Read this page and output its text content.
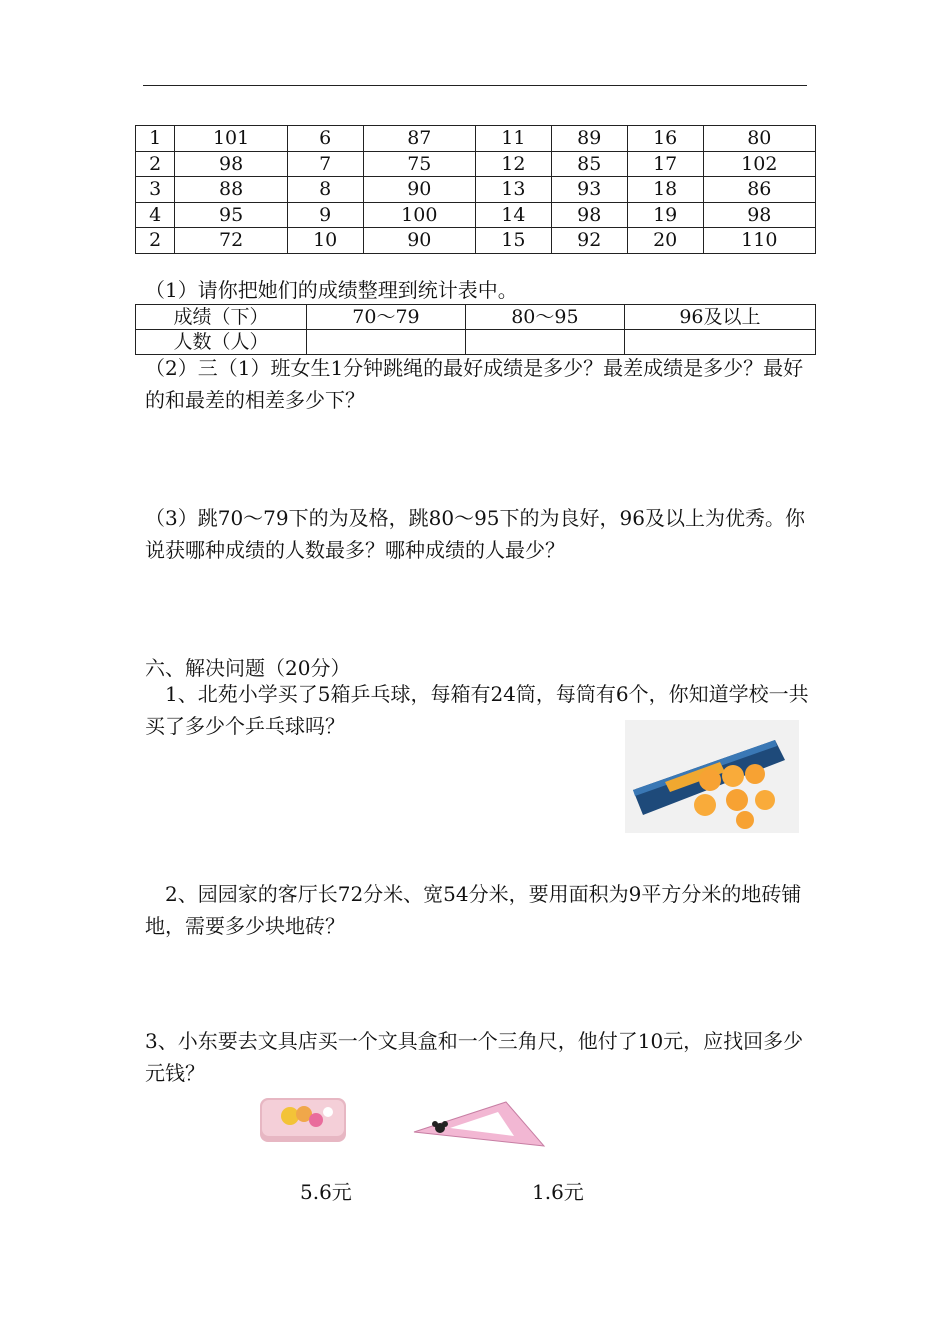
1	101	6	87	11	89	16	80
2	98	7	75	12	85	17	102
3	88	8	90	13	93	18	86
4	95	9	100	14	98	19	98
2	72	10	90	15	92	20	110
（1）请你把她们的成绩整理到统计表中。
成绩（下）	70～79	80～95	96及以上
人数（人）			
（2）三（1）班女生1分钟跳绳的最好成绩是多少？最差成绩是多少？最好的和最差的相差多少下？
（3）跳70～79下的为及格，跳80～95下的为良好，96及以上为优秀。你说获哪种成绩的人数最多？哪种成绩的人最少？
六、解决问题（20分）
1、北苑小学买了5箱乒乓球，每箱有24筒，每筒有6个，你知道学校一共买了多少个乒乓球吗？
2、园园家的客厅长72分米、宽54分米，要用面积为9平方分米的地砖铺地，需要多少块地砖？
3、小东要去文具店买一个文具盒和一个三角尺，他付了10元，应找回多少元钱？
5.6元	1.6元
